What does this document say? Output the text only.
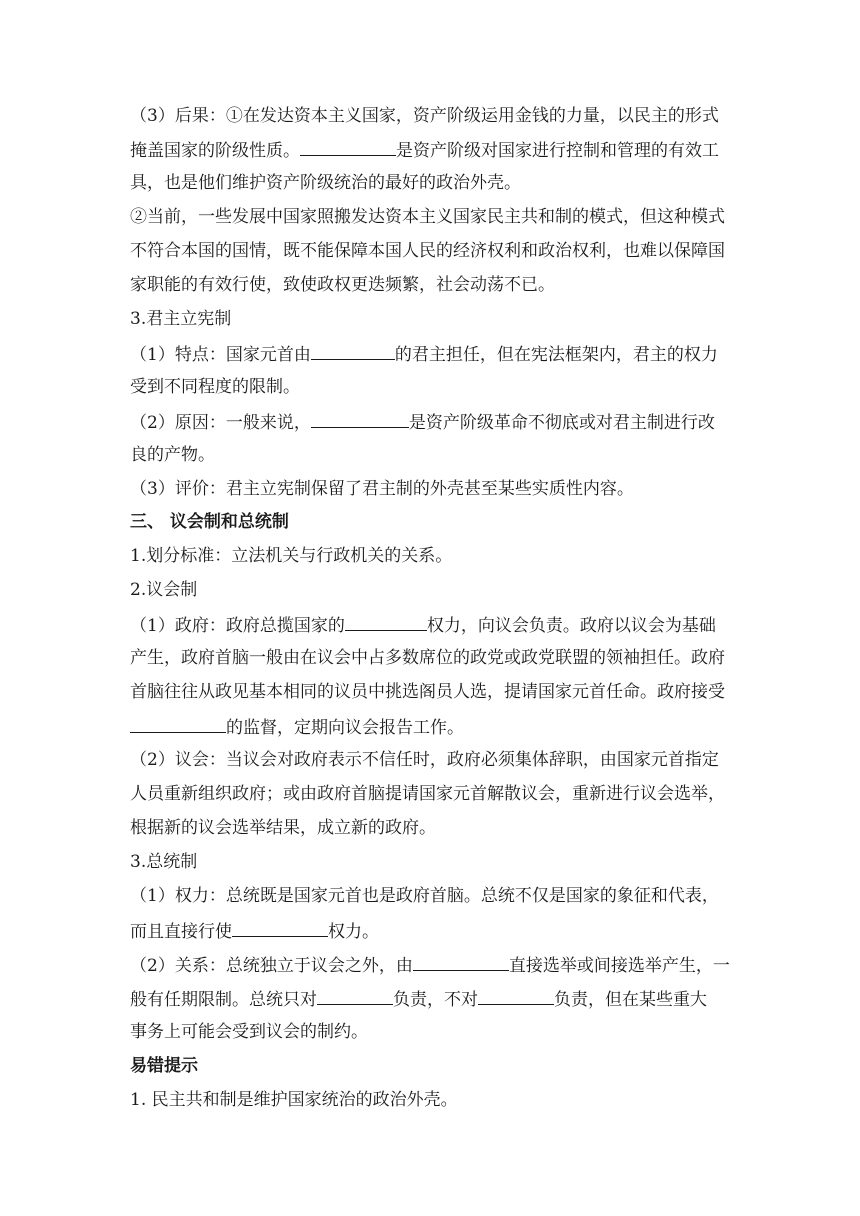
（3）后果：①在发达资本主义国家，资产阶级运用金钱的力量，以民主的形式
掩盖国家的阶级性质。	是资产阶级对国家进行控制和管理的有效工
具，也是他们维护资产阶级统治的最好的政治外壳。
②当前，一些发展中国家照搬发达资本主义国家民主共和制的模式，但这种模式
不符合本国的国情，既不能保障本国人民的经济权利和政治权利，也难以保障国
家职能的有效行使，致使政权更迭频繁，社会动荡不已。
3.君主立宪制
（1）特点：国家元首由	的君主担任，但在宪法框架内，君主的权力
受到不同程度的限制。
（2）原因：一般来说，	是资产阶级革命不彻底或对君主制进行改
良的产物。
（3）评价：君主立宪制保留了君主制的外壳甚至某些实质性内容。
三、 议会制和总统制
1.划分标准：立法机关与行政机关的关系。
2.议会制
（1）政府：政府总揽国家的	权力，向议会负责。政府以议会为基础
产生，政府首脑一般由在议会中占多数席位的政党或政党联盟的领袖担任。政府
首脑往往从政见基本相同的议员中挑选阁员人选，提请国家元首任命。政府接受
的监督，定期向议会报告工作。
（2）议会：当议会对政府表示不信任时，政府必须集体辞职，由国家元首指定
人员重新组织政府；或由政府首脑提请国家元首解散议会，重新进行议会选举，
根据新的议会选举结果，成立新的政府。
3.总统制
（1）权力：总统既是国家元首也是政府首脑。总统不仅是国家的象征和代表，
而且直接行使	权力。
（2）关系：总统独立于议会之外，由	直接选举或间接选举产生，一
般有任期限制。总统只对	负责，不对	负责，但在某些重大
事务上可能会受到议会的制约。
易错提示
1. 民主共和制是维护国家统治的政治外壳。
